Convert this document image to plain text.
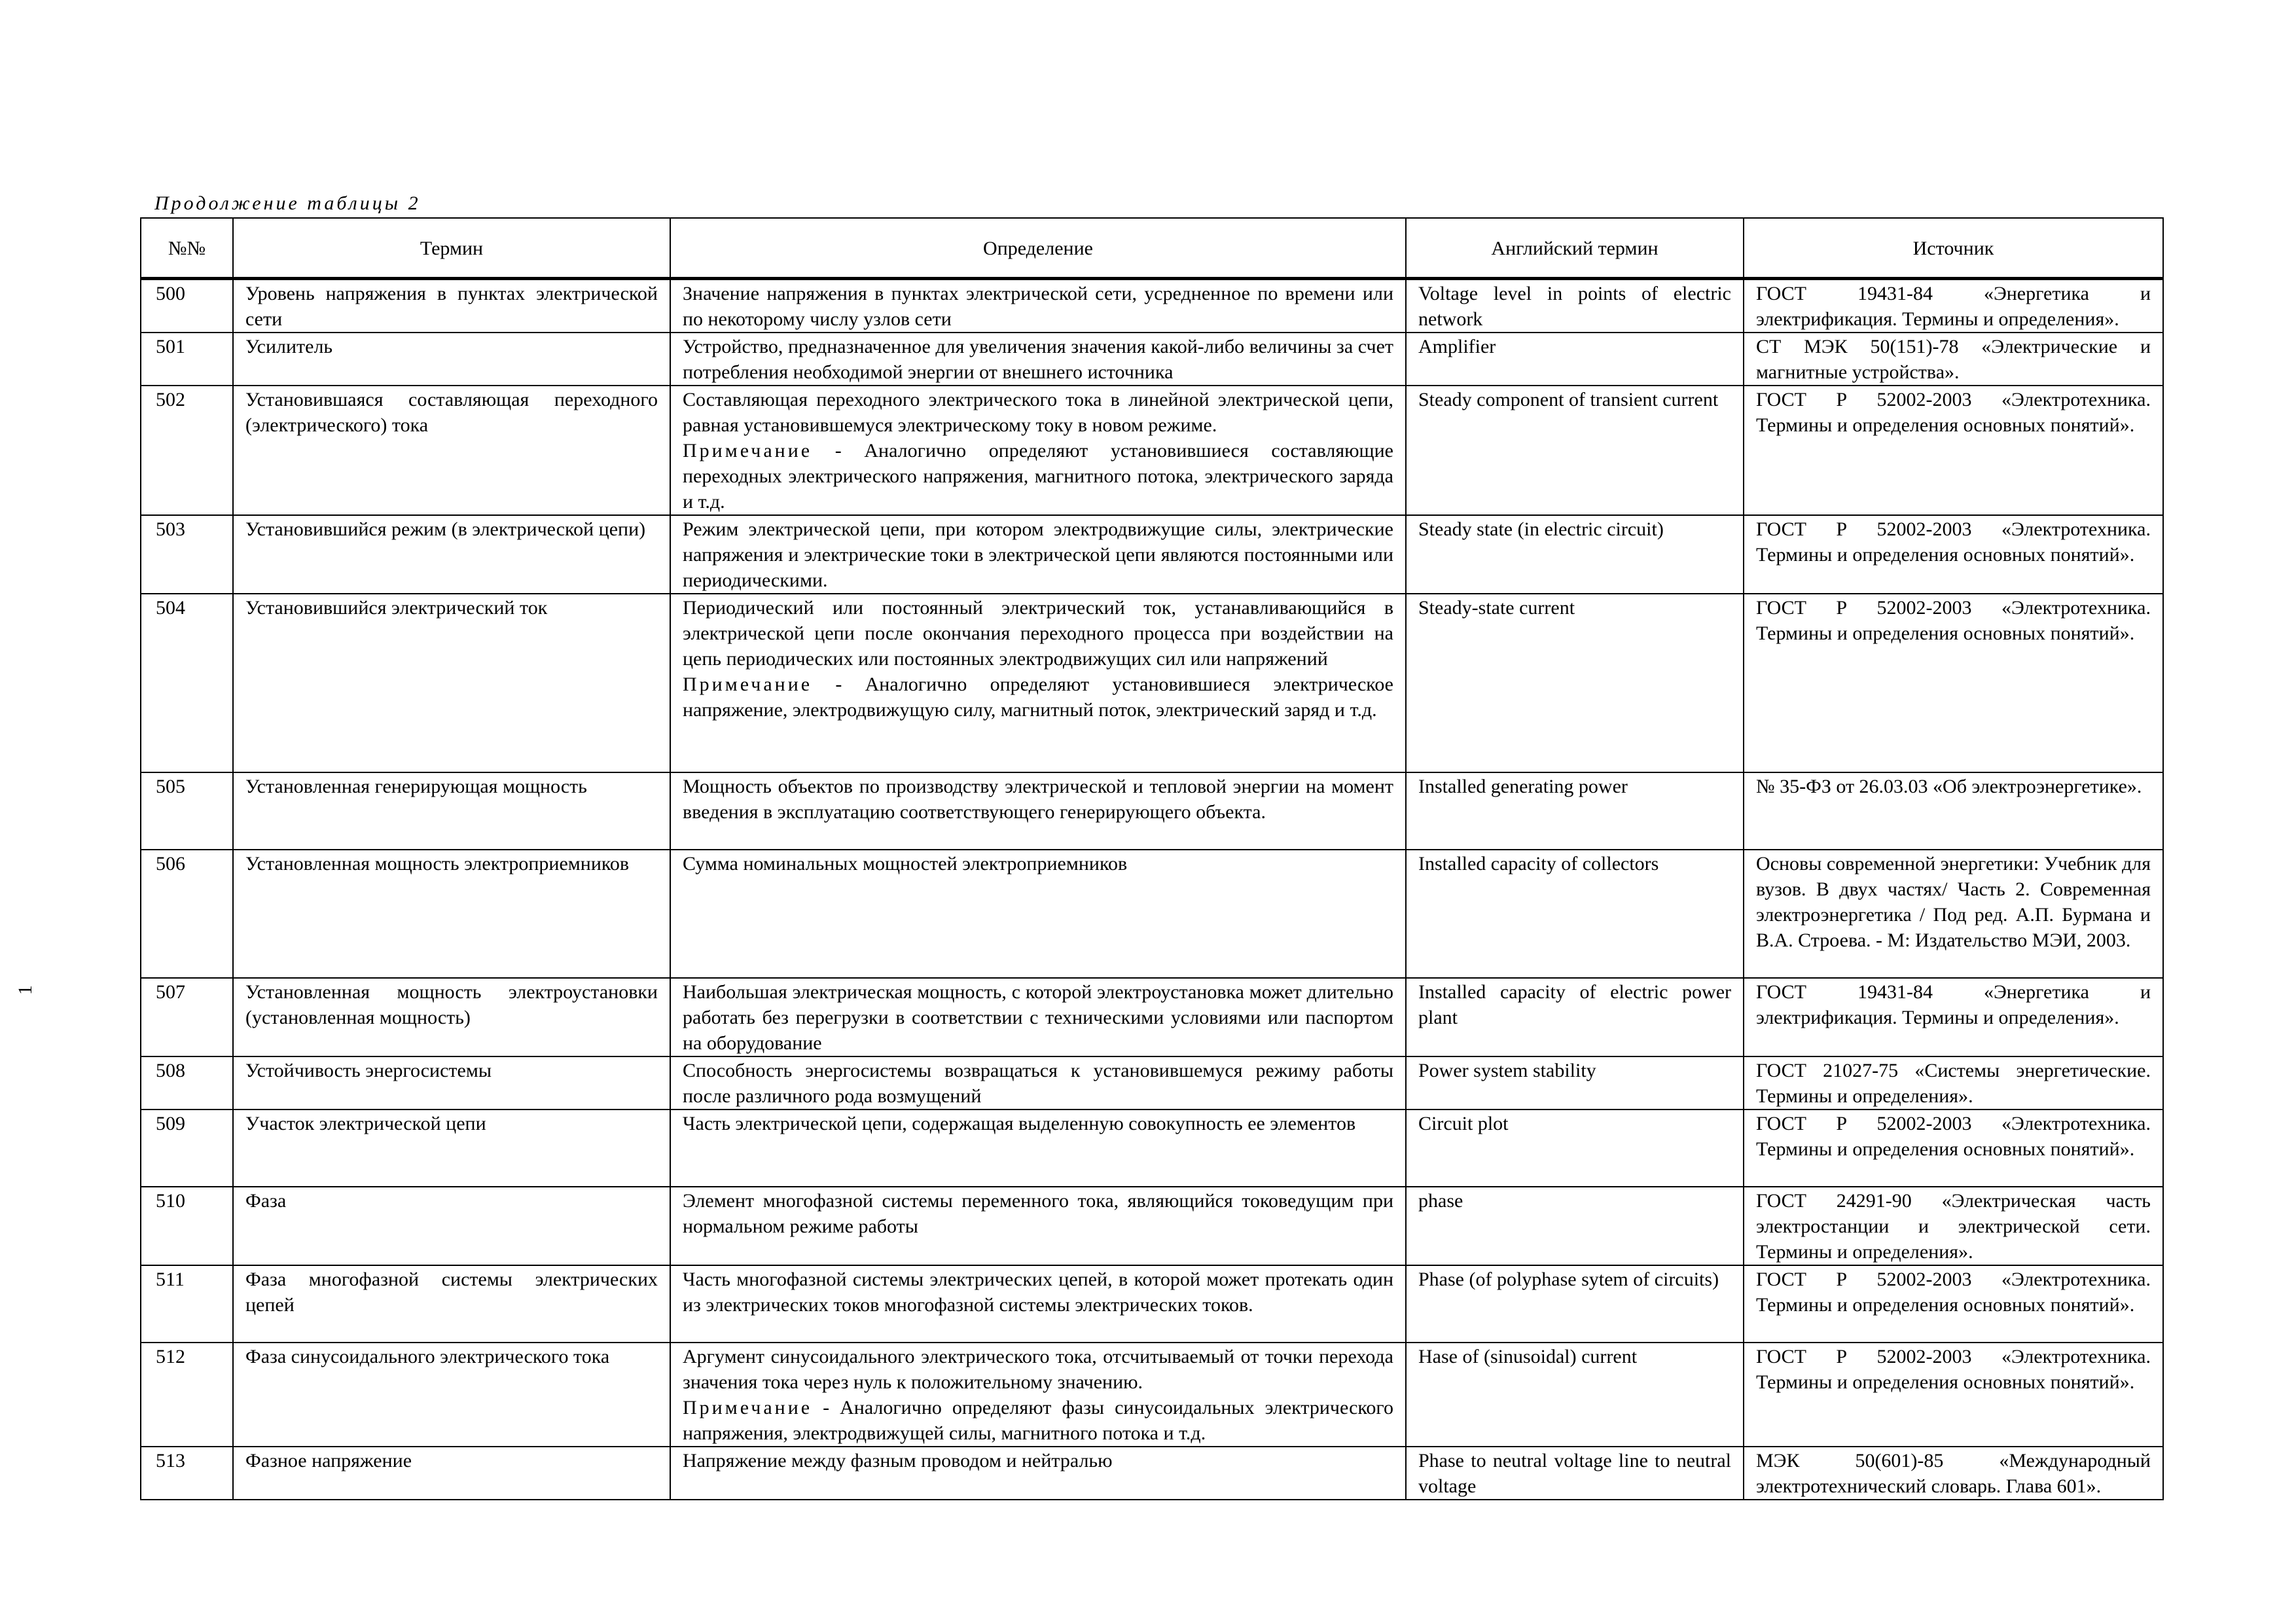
Продолжение таблицы 2
1
№№	Термин	Определение	Английский термин	Источник
500	Уровень напряжения в пунктах электрической сети	Значение напряжения в пунктах электрической сети, усредненное по времени или по некоторому числу узлов сети	Voltage level in points of electric network	ГОСТ 19431-84 «Энергетика и электрификация. Термины и определения».
501	Усилитель	Устройство, предназначенное для увеличения значения какой-либо величины за счет потребления необходимой энергии от внешнего источника	Amplifier	СТ МЭК 50(151)-78 «Электрические и магнитные устройства».
502	Установившаяся составляющая переходного (электрического) тока	Составляющая переходного электрического тока в линейной электрической цепи, равная установившемуся электрическому току в новом режиме.
Примечание - Аналогично определяют установившиеся составляющие переходных электрического напряжения, магнитного потока, электрического заряда и т.д.	Steady component of transient current	ГОСТ Р 52002-2003 «Электротехника. Термины и определения основных понятий».
503	Установившийся режим (в электрической цепи)	Режим электрической цепи, при котором электродвижущие силы, электрические напряжения и электрические токи в электрической цепи являются постоянными или периодическими.	Steady state (in electric circuit)	ГОСТ Р 52002-2003 «Электротехника. Термины и определения основных понятий».
504	Установившийся электрический ток	Периодический или постоянный электрический ток, устанавливающийся в электрической цепи после окончания переходного процесса при воздействии на цепь периодических или постоянных электродвижущих сил или напряжений
Примечание - Аналогично определяют установившиеся электрическое напряжение, электродвижущую силу, магнитный поток, электрический заряд и т.д.	Steady-state current	ГОСТ Р 52002-2003 «Электротехника. Термины и определения основных понятий».
505	Установленная генерирующая мощность	Мощность объектов по производству электрической и тепловой энергии на момент введения в эксплуатацию соответствующего генерирующего объекта.	Installed generating power	№ 35-ФЗ от 26.03.03 «Об электроэнергетике».
506	Установленная мощность электроприемников	Сумма номинальных мощностей электроприемников	Installed capacity of collectors	Основы современной энергетики: Учебник для вузов. В двух частях/ Часть 2. Современная электроэнергетика / Под ред. А.П. Бурмана и В.А. Строева. - М: Издательство МЭИ, 2003.
507	Установленная мощность электроустановки (установленная мощность)	Наибольшая электрическая мощность, с которой электроустановка может длительно работать без перегрузки в соответствии с техническими условиями или паспортом на оборудование	Installed capacity of electric power plant	ГОСТ 19431-84 «Энергетика и электрификация. Термины и определения».
508	Устойчивость энергосистемы	Способность энергосистемы возвращаться к установившемуся режиму работы после различного рода возмущений	Power system stability	ГОСТ 21027-75 «Системы энергетические. Термины и определения».
509	Участок электрической цепи	Часть электрической цепи, содержащая выделенную совокупность ее элементов	Circuit plot	ГОСТ Р 52002-2003 «Электротехника. Термины и определения основных понятий».
510	Фаза	Элемент многофазной системы переменного тока, являющийся токоведущим при нормальном режиме работы	phase	ГОСТ 24291-90 «Электрическая часть электростанции и электрической сети. Термины и определения».
511	Фаза многофазной системы электрических цепей	Часть многофазной системы электрических цепей, в которой может протекать один из электрических токов многофазной системы электрических токов.	Phase (of polyphase sytem of circuits)	ГОСТ Р 52002-2003 «Электротехника. Термины и определения основных понятий».
512	Фаза синусоидального электрического тока	Аргумент синусоидального электрического тока, отсчитываемый от точки перехода значения тока через нуль к положительному значению.
Примечание - Аналогично определяют фазы синусоидальных электрического напряжения, электродвижущей силы, магнитного потока и т.д.	Hase of (sinusoidal) current	ГОСТ Р 52002-2003 «Электротехника. Термины и определения основных понятий».
513	Фазное напряжение	Напряжение между фазным проводом и нейтралью	Phase to neutral voltage line to neutral voltage	МЭК 50(601)-85 «Международный электротехнический словарь. Глава 601».
